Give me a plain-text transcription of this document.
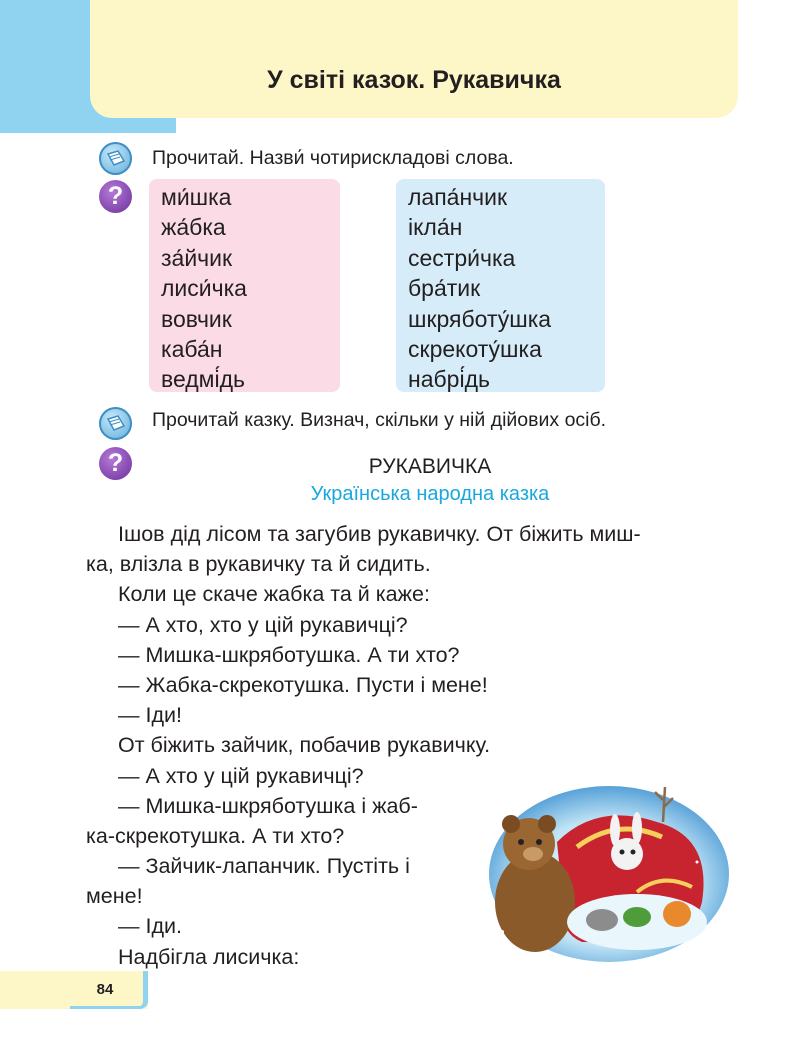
У світі казок. Рукавичка
Прочитай. Назви́ чотирискладові слова.
?	ми́шка
жа́бка
за́йчик
лиси́чка
вовчик
каба́н
ведмі́дь
лапа́нчик
ікла́н
сестри́чка
бра́тик
шкряботу́шка
скрекоту́шка
набрі́дь
Прочитай казку. Визнач, скільки у ній дійових осіб.
?	РУКАВИЧКА
Українська народна казка
Ішов дід лісом та загубив рукавичку. От біжить миш-
ка, влізла в рукавичку та й сидить.
Коли це скаче жабка та й каже:
— А хто, хто у цій рукавичці?
— Мишка-шкряботушка. А ти хто?
— Жабка-скрекотушка. Пусти і мене!
— Іди!
От біжить зайчик, побачив рукавичку.
— А хто у цій рукавичці?
— Мишка-шкряботушка і жаб-
ка-скрекотушка. А ти хто?
— Зайчик-лапанчик. Пустіть і
мене!
— Іди.
Надбігла лисичка:
84
